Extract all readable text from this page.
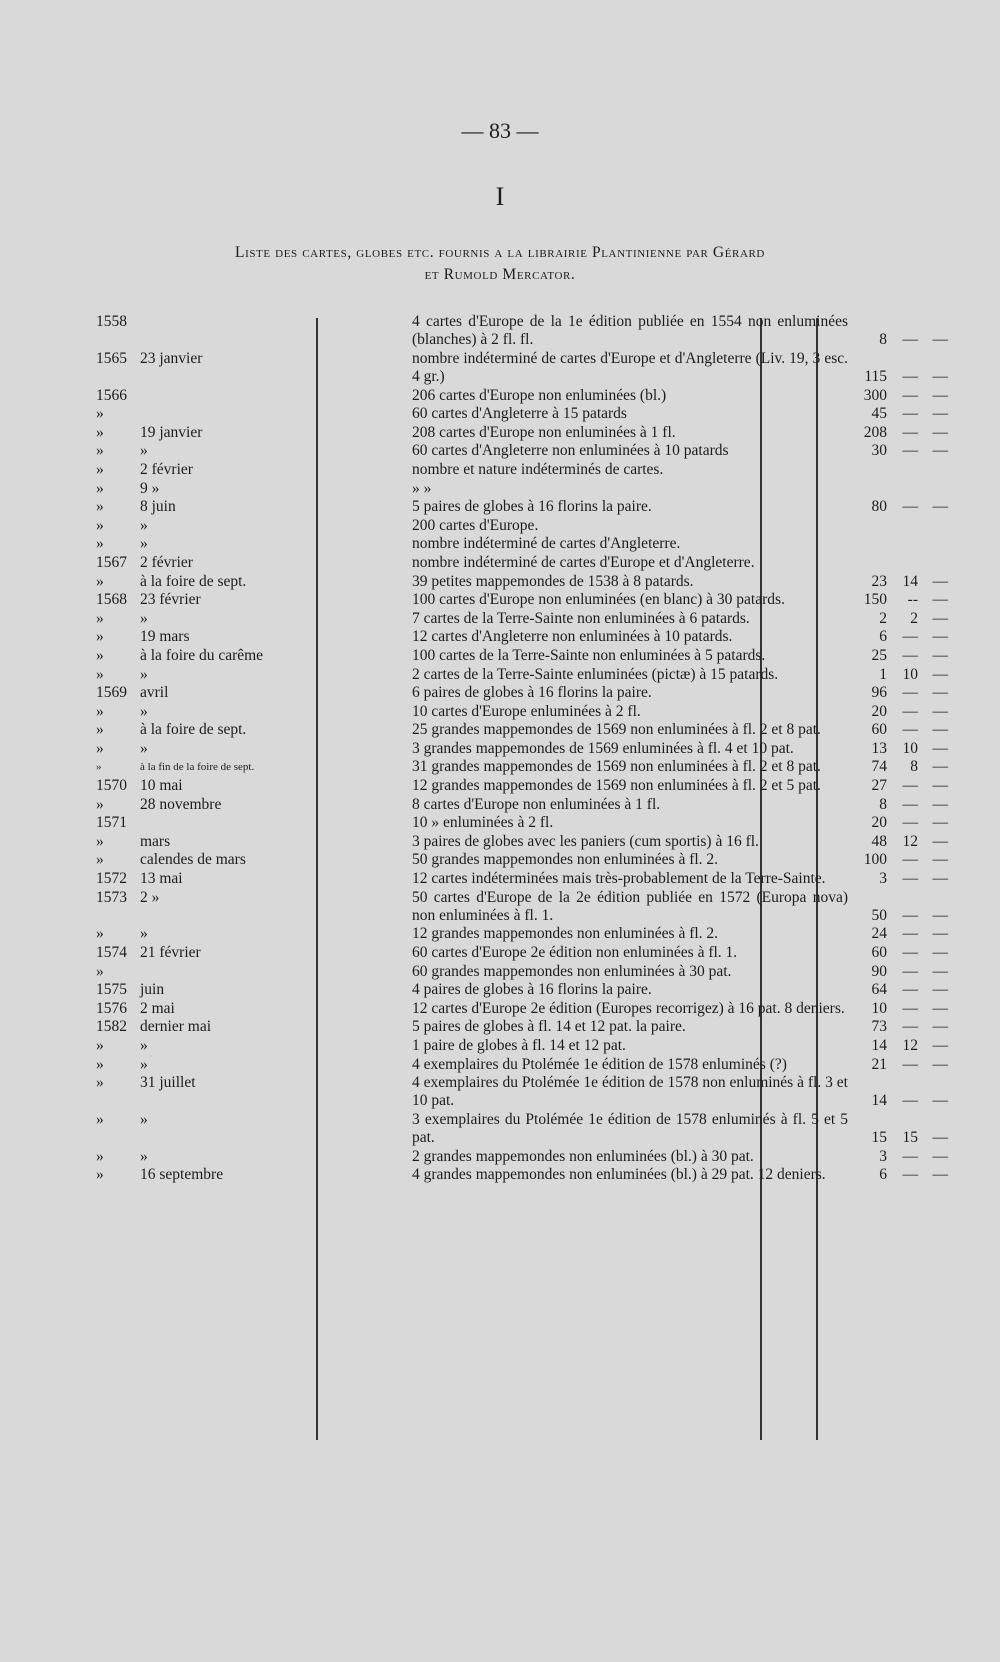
— 83 —
I
Liste des cartes, globes etc. fournis a la librairie Plantinienne par Gérard
et Rumold Mercator.
1558	4 cartes d'Europe de la 1e édition publiée en 1554 non enluminées (blanches) à 2 fl. fl.	8	— —
1565 23 janvier	nombre indéterminé de cartes d'Europe et d'Angleterre (Liv. 19, 3 esc. 4 gr.)	115	— —
1566	206 cartes d'Europe non enluminées (bl.)	300	— —
»	60 cartes d'Angleterre à 15 patards	45	— —
» 19 janvier	208 cartes d'Europe non enluminées à 1 fl.	208	— —
» »	60 cartes d'Angleterre non enluminées à 10 patards	30	— —
» 2 février	nombre et nature indéterminés de cartes.
» 9 »	» »
» 8 juin	5 paires de globes à 16 florins la paire.	80	— —
» »	200 cartes d'Europe.
» »	nombre indéterminé de cartes d'Angleterre.
1567 2 février	nombre indéterminé de cartes d'Europe et d'Angleterre.
» à la foire de sept.	39 petites mappemondes de 1538 à 8 patards.	23	14 —
1568 23 février	100 cartes d'Europe non enluminées (en blanc) à 30 patards.	150	-- —
» »	7 cartes de la Terre-Sainte non enluminées à 6 patards.	2	2 —
» 19 mars	12 cartes d'Angleterre non enluminées à 10 patards.	6	— —
» à la foire du carême	100 cartes de la Terre-Sainte non enluminées à 5 patards.	25	— —
» »	2 cartes de la Terre-Sainte enluminées (pictæ) à 15 patards.	1	10 —
1569 avril	6 paires de globes à 16 florins la paire.	96	— —
» »	10 cartes d'Europe enluminées à 2 fl.	20	— —
» à la foire de sept.	25 grandes mappemondes de 1569 non enluminées à fl. 2 et 8 pat.	60	— —
» »	3 grandes mappemondes de 1569 enluminées à fl. 4 et 10 pat.	13	10 —
»	à la fin de la foire de sept.	31 grandes mappemondes de 1569 non enluminées à fl. 2 et 8 pat.	74	8 —
1570 10 mai	12 grandes mappemondes de 1569 non enluminées à fl. 2 et 5 pat.	27	— —
» 28 novembre	8 cartes d'Europe non enluminées à 1 fl.	8	— —
1571	10 » enluminées à 2 fl.	20	— —
» mars	3 paires de globes avec les paniers (cum sportis) à 16 fl.	48	12 —
» calendes de mars	50 grandes mappemondes non enluminées à fl. 2.	100	— —
1572 13 mai	12 cartes indéterminées mais très-probablement de la Terre-Sainte.	3	— —
1573 2 »	50 cartes d'Europe de la 2e édition publiée en 1572 (Europa nova) non enluminées à fl. 1.	50	— —
» »	12 grandes mappemondes non enluminées à fl. 2.	24	— —
1574 21 février	60 cartes d'Europe 2e édition non enluminées à fl. 1.	60	— —
»	60 grandes mappemondes non enluminées à 30 pat.	90	— —
1575 juin	4 paires de globes à 16 florins la paire.	64	— —
1576 2 mai	12 cartes d'Europe 2e édition (Europes recorrigez) à 16 pat. 8 deniers.	10	— —
1582 dernier mai	5 paires de globes à fl. 14 et 12 pat. la paire.	73	— —
» »	1 paire de globes à fl. 14 et 12 pat.	14	12 —
» »	4 exemplaires du Ptolémée 1e édition de 1578 enluminés (?)	21	— —
» 31 juillet	4 exemplaires du Ptolémée 1e édition de 1578 non enluminés à fl. 3 et 10 pat.	14	— —
» »	3 exemplaires du Ptolémée 1e édition de 1578 enluminés à fl. 5 et 5 pat.	15	15 —
» »	2 grandes mappemondes non enluminées (bl.) à 30 pat.	3	— —
» 16 septembre	4 grandes mappemondes non enluminées (bl.) à 29 pat. 12 deniers.	6	— —
